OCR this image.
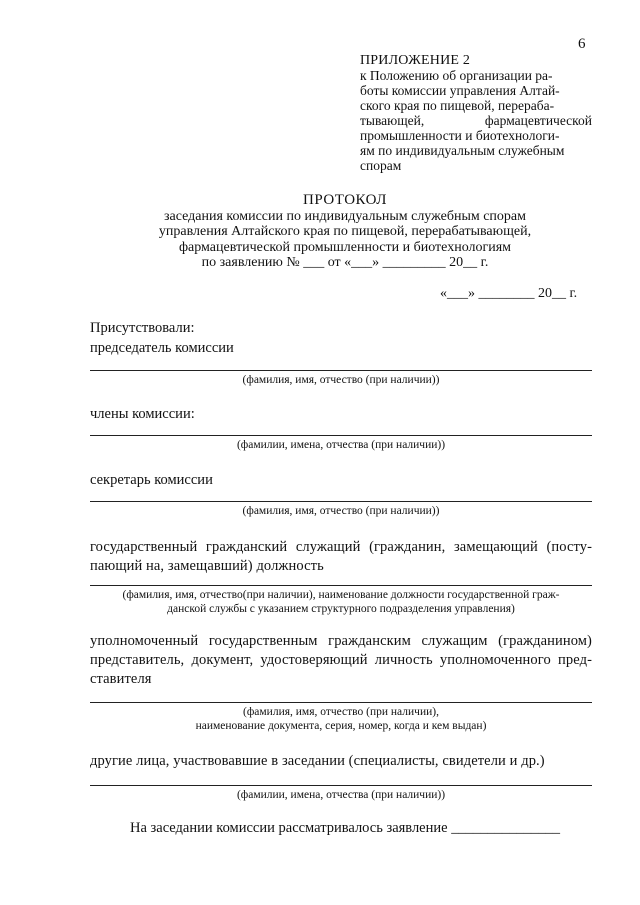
6
ПРИЛОЖЕНИЕ 2
к Положению об организации ра-
боты комиссии управления Алтай-
ского края по пищевой, перераба-
тывающей, фармацевтической
промышленности и биотехнологи-
ям по индивидуальным служебным
спорам
ПРОТОКОЛ
заседания комиссии по индивидуальным служебным спорам
управления Алтайского края по пищевой, перерабатывающей,
фармацевтической промышленности и биотехнологиям
по заявлению № ___ от «___» _________ 20__ г.
«___» ________ 20__ г.
Присутствовали:
председатель комиссии
(фамилия, имя, отчество (при наличии))
члены комиссии:
(фамилии, имена, отчества (при наличии))
секретарь комиссии
(фамилия, имя, отчество (при наличии))
государственный гражданский служащий (гражданин, замещающий (посту-пающий на, замещавший) должность
(фамилия, имя, отчество(при наличии), наименование должности государственной граж-
данской службы с указанием структурного подразделения управления)
уполномоченный государственным гражданским служащим (гражданином) представитель, документ, удостоверяющий личность уполномоченного пред-ставителя
(фамилия, имя, отчество (при наличии),
наименование документа, серия, номер, когда и кем выдан)
другие лица, участвовавшие в заседании (специалисты, свидетели и др.)
(фамилии, имена, отчества (при наличии))
На заседании комиссии рассматривалось заявление _______________
